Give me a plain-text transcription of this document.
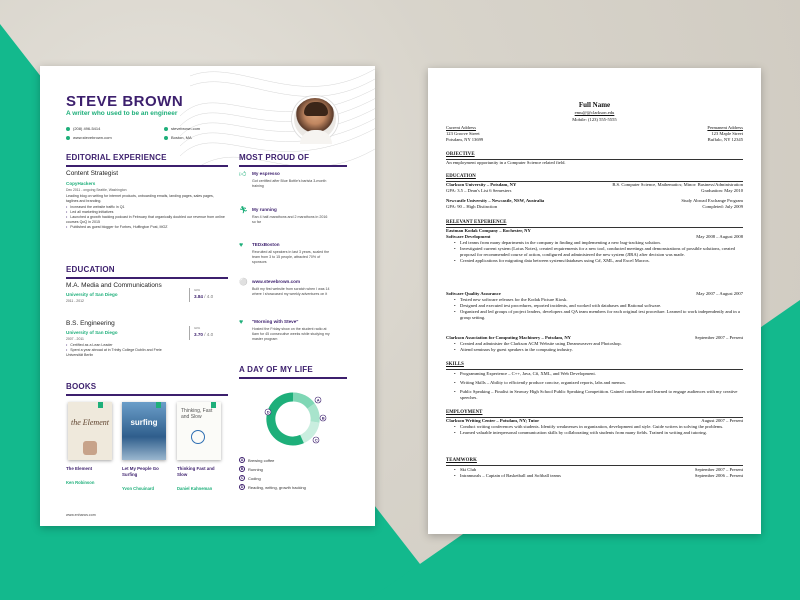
STEVE BROWN
A writer who used to be an engineer
(208) 496-5414	stevebrown.com
www.stevebrown.com	Boston, MA
EDITORIAL EXPERIENCE
Content Strategist
CopyHackers
Dec 2011 - ongoing Seattle, Washington
Leading blog on writing for internet products, onboarding emails, landing pages, sales pages, taglines and branding.
• Increased the website traffic in Q1
• Led all marketing initiatives
• Launched a growth hacking podcast in February that organically doubled our revenue from online courses QoQ in 2015
• Published as guest blogger for Forbes, Huffington Post, MOZ
EDUCATION
M.A. Media and Communications
University of San Diego
2011 - 2012
GPA
3.84 / 4.0
B.S. Engineering
University of San Diego
2007 - 2011
GPA
3.70 / 4.0
• Certified as a Lean Leader
• Spent a year abroad at in Trinity College Dublin and Freie Universität Berlin
BOOKS
the Element	surfing
Thinking, Fast and Slow
The Element
Ken Robinson
Let My People Go Surfing
Yvon Chouinard
Thinking Fast and Slow
Daniel Kahneman
www.enhancv.com
MOST PROUD OF
👍︎ My espresso
Got certified after Blue Bottle's barista 3-month training
🏃︎ My running
Ran 4 half-marathons and 2 marathons in 2016 so far
♥	TEDxBoston
Recruited all speakers in last 3 years, scaled the team from 3 to 15 people, attracted 70% of sponsors
⚪ www.stevebrown.com
Built my first website from scratch when I was 14 where I showcased my weekly adventures on it
♥	"Morning with Steve"
Hosted the Friday show on the student radio at 6am for 45 consecutive weeks while studying my master program
A DAY OF MY LIFE
A
B
C
D
A	Brewing coffee
B	Running
C	Coding
D	Reading, writing, growth hacking
Full Name
emu@@clarkson.edu
Mobile: (123) 555-5555
Current Address
123 Groove Street
Potsdam, NY 13699
Permanent Address
123 Maple Street
Buffalo, NY 12345
OBJECTIVE
An employment opportunity in a Computer Science related field.
EDUCATION
Clarkson University – Potsdam, NY	B.S. Computer Science, Mathematics; Minor: Business/Administration
GPA: 3.5 – Dean's List 6 Semesters	Graduation: May 2010
Newcastle University – Newcastle, NSW, Australia	Study Abroad Exchange Program
GPA: 90 – High Distinction	Completed: July 2009
RELEVANT EXPERIENCE
Eastman Kodak Company – Rochester, NY
Software Development	May 2008 – August 2008
• Led teams from many departments in the company in finding and implementing a new bug-tracking solution.
• Investigated current system (Lotus Notes), created requirements for a new tool, conducted meetings and demonstrations of possible solutions, created proposal for recommended course of action, configured and administered the new system (JIRA) after decision was made.
• Created applications for migrating data between systems/databases using C#, XML, and Excel Macros.
Software Quality Assurance	May 2007 – August 2007
• Tested new software releases for the Kodak Picture Kiosk.
• Designed and executed test procedures, reported incidents, and worked with databases and Rational software.
• Organized and led groups of project leaders, developers and QA team members for each original test procedure. Learned to work independently and in a group setting.
Clarkson Association for Computing Machinery – Potsdam, NY	September 2007 – Present
• Created and administer the Clarkson ACM Website using Dreamweaver and Photoshop.
• Attend seminars by guest speakers in the computing industry.
SKILLS
• Programming Experience – C++, Java, C#, XML, and Web Development.
• Writing Skills – Ability to efficiently produce concise, organized reports, labs and memos.
• Public Speaking – Finalist in Seaway High School Public Speaking Competition. Gained confidence and learned to engage audiences with my creative speeches.
EMPLOYMENT
Clarkson Writing Center – Potsdam, NY; Tutor	August 2007 – Present
• Conduct writing conferences with students. Identify weaknesses in organization, development and style. Guide writers in solving the problems.
• Learned valuable interpersonal communication skills by collaborating with students from many fields. Trained in writing and tutoring.
TEAMWORK
• Ski Club	September 2007 – Present
• Intramurals – Captain of Basketball and Softball teams	September 2006 – Present
